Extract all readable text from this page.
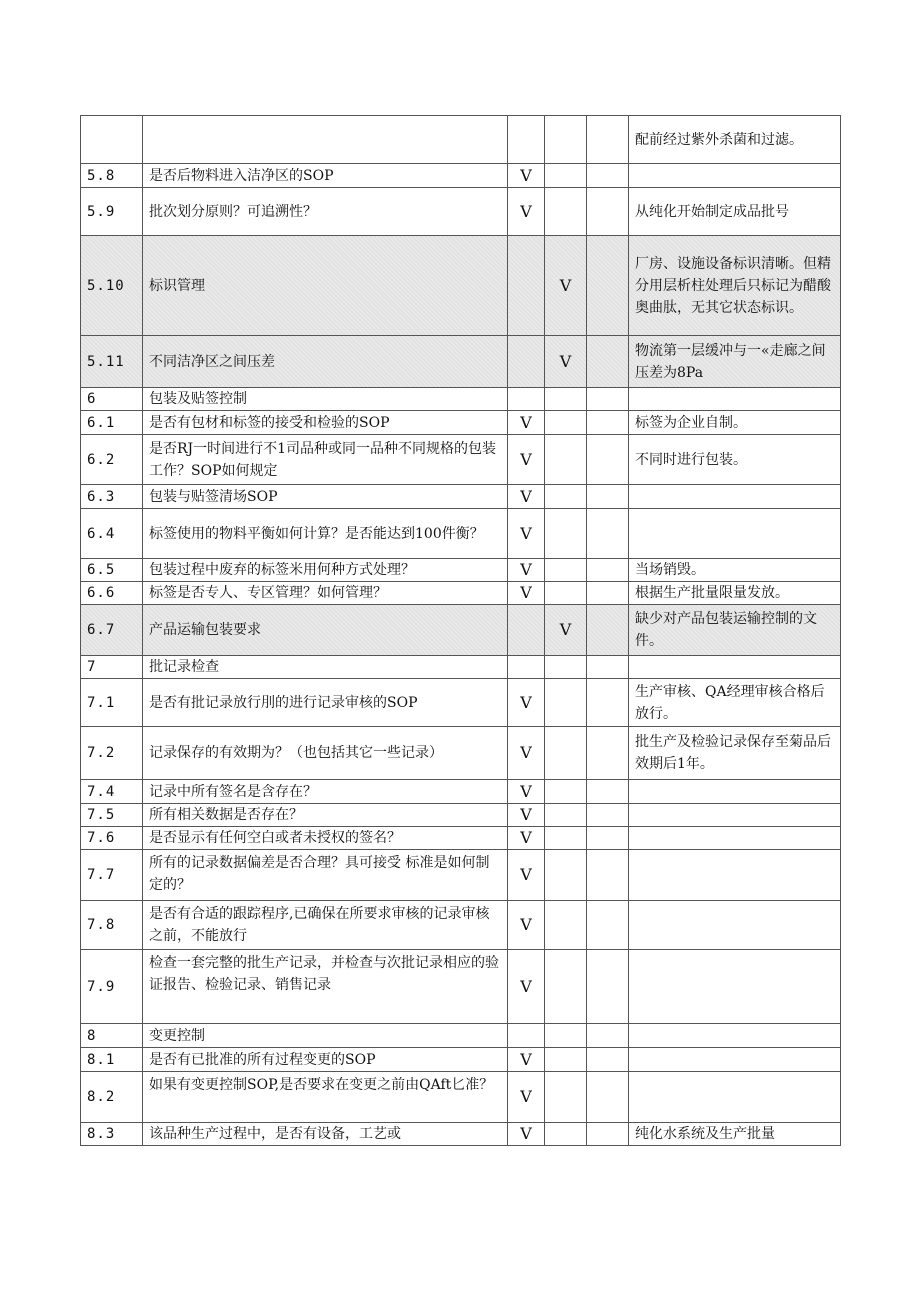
					配前经过紫外杀菌和过滤。
5.8	是否后物料进入洁净区的SOP	V			
5.9	批次划分原则？可追溯性？	V			从纯化开始制定成品批号
5.10	标识管理		V		厂房、设施设备标识清晰。但精分用层析柱处理后只标记为醋酸奥曲肽，无其它状态标识。
5.11	不同洁净区之间压差		V		物流第一层缓冲与一«走廊之间压差为8Pa
6	包装及贴签控制				
6.1	是否有包材和标签的接受和检验的SOP	V			标签为企业自制。
6.2	是否RJ一时间进行不1司品种或同一品种不同规格的包装工作？SOP如何规定	V			不同时进行包装。
6.3	包装与贴签清场SOP	V			
6.4	标签使用的物料平衡如何计算？是否能达到100件衡？	V			
6.5	包装过程中废弃的标签米用何种方式处理？	V			当场销毁。
6.6	标签是否专人、专区管理？如何管理？	V			根据生产批量限量发放。
6.7	产品运输包装要求		V		缺少对产品包装运输控制的文件。
7	批记录检查				
7.1	是否有批记录放行刖的进行记录审核的SOP	V			生产审核、QA经理审核合格后放行。
7.2	记录保存的有效期为？（也包括其它一些记录）	V			批生产及检验记录保存至菊品后效期后1年。
7.4	记录中所有签名是含存在？	V			
7.5	所有相关数据是否存在？	V			
7.6	是否显示有任何空白或者未授权的签名？	V			
7.7	所有的记录数据偏差是否合理？具可接受 标准是如何制定的？	V			
7.8	是否有合适的跟踪程序,已确保在所要求审核的记录审核之前，不能放行	V			
7.9	检查一套完整的批生产记录，并检查与次批记录相应的验证报告、检验记录、销售记录	V			
8	变更控制				
8.1	是否有已批准的所有过程变更的SOP	V			
8.2	如果有变更控制SOP,是否要求在变更之前由QAft匕准？	V			
8.3	该品种生产过程中，是否有设备，工艺或	V			纯化水系统及生产批量
